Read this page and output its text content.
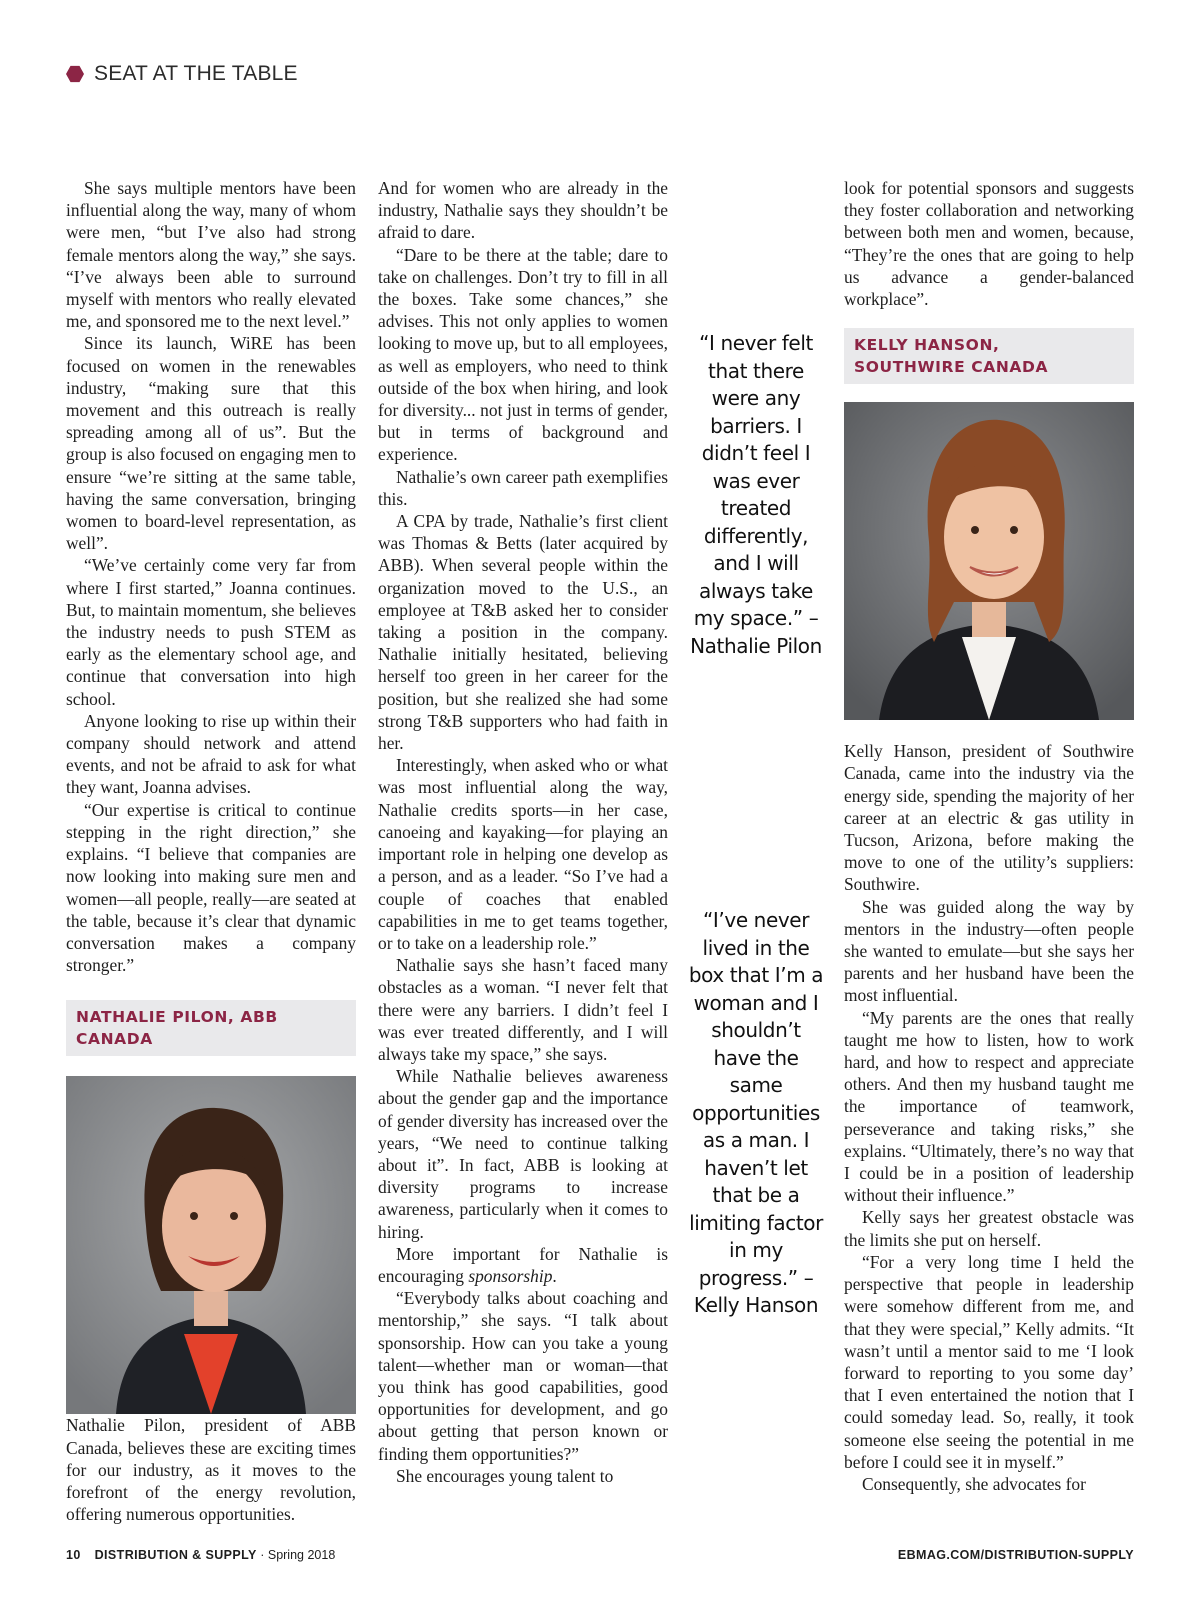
SEAT AT THE TABLE

She says multiple mentors have been influential along the way, many of whom were men, “but I’ve also had strong female mentors along the way,” she says. “I’ve always been able to surround myself with mentors who really elevated me, and sponsored me to the next level.”

Since its launch, WiRE has been focused on women in the renewables industry, “making sure that this movement and this outreach is really spreading among all of us”. But the group is also focused on engaging men to ensure “we’re sitting at the same table, having the same conversation, bringing women to board-level representation, as well”.

“We’ve certainly come very far from where I first started,” Joanna continues. But, to maintain momentum, she believes the industry needs to push STEM as early as the elementary school age, and continue that conversation into high school.

Anyone looking to rise up within their company should network and attend events, and not be afraid to ask for what they want, Joanna advises.

“Our expertise is critical to continue stepping in the right direction,” she explains. “I believe that companies are now looking into making sure men and women—all people, really—are seated at the table, because it’s clear that dynamic conversation makes a company stronger.”

NATHALIE PILON, ABB CANADA

Nathalie Pilon, president of ABB Canada, believes these are exciting times for our industry, as it moves to the forefront of the energy revolution, offering numerous opportunities.

And for women who are already in the industry, Nathalie says they shouldn’t be afraid to dare.

“Dare to be there at the table; dare to take on challenges. Don’t try to fill in all the boxes. Take some chances,” she advises. This not only applies to women looking to move up, but to all employees, as well as employers, who need to think outside of the box when hiring, and look for diversity... not just in terms of gender, but in terms of background and experience.

Nathalie’s own career path exemplifies this.

A CPA by trade, Nathalie’s first client was Thomas & Betts (later acquired by ABB). When several people within the organization moved to the U.S., an employee at T&B asked her to consider taking a position in the company. Nathalie initially hesitated, believing herself too green in her career for the position, but she realized she had some strong T&B supporters who had faith in her.

Interestingly, when asked who or what was most influential along the way, Nathalie credits sports—in her case, canoeing and kayaking—for playing an important role in helping one develop as a person, and as a leader. “So I’ve had a couple of coaches that enabled capabilities in me to get teams together, or to take on a leadership role.”

Nathalie says she hasn’t faced many obstacles as a woman. “I never felt that there were any barriers. I didn’t feel I was ever treated differently, and I will always take my space,” she says.

While Nathalie believes awareness about the gender gap and the importance of gender diversity has increased over the years, “We need to continue talking about it”. In fact, ABB is looking at diversity programs to increase awareness, particularly when it comes to hiring.

More important for Nathalie is encouraging sponsorship.

“Everybody talks about coaching and mentorship,” she says. “I talk about sponsorship. How can you take a young talent—whether man or woman—that you think has good capabilities, good opportunities for development, and go about getting that person known or finding them opportunities?”

She encourages young talent to

“I never felt that there were any barriers. I didn’t feel I was ever treated differently, and I will always take my space.” – Nathalie Pilon
“I’ve never lived in the box that I’m a woman and I shouldn’t have the same opportunities as a man. I haven’t let that be a limiting factor in my progress.” – Kelly Hanson

look for potential sponsors and suggests they foster collaboration and networking between both men and women, because, “They’re the ones that are going to help us advance a gender-balanced workplace”.

KELLY HANSON,
SOUTHWIRE CANADA

Kelly Hanson, president of Southwire Canada, came into the industry via the energy side, spending the majority of her career at an electric & gas utility in Tucson, Arizona, before making the move to one of the utility’s suppliers: Southwire.

She was guided along the way by mentors in the industry—often people she wanted to emulate—but she says her parents and her husband have been the most influential.

“My parents are the ones that really taught me how to listen, how to work hard, and how to respect and appreciate others. And then my husband taught me the importance of teamwork, perseverance and taking risks,” she explains. “Ultimately, there’s no way that I could be in a position of leadership without their influence.”

Kelly says her greatest obstacle was the limits she put on herself.

“For a very long time I held the perspective that people in leadership were somehow different from me, and that they were special,” Kelly admits. “It wasn’t until a mentor said to me ‘I look forward to reporting to you some day’ that I even entertained the notion that I could someday lead. So, really, it took someone else seeing the potential in me before I could see it in myself.”

Consequently, she advocates for

10 DISTRIBUTION & SUPPLY · Spring 2018	EBMAG.COM/DISTRIBUTION-SUPPLY
